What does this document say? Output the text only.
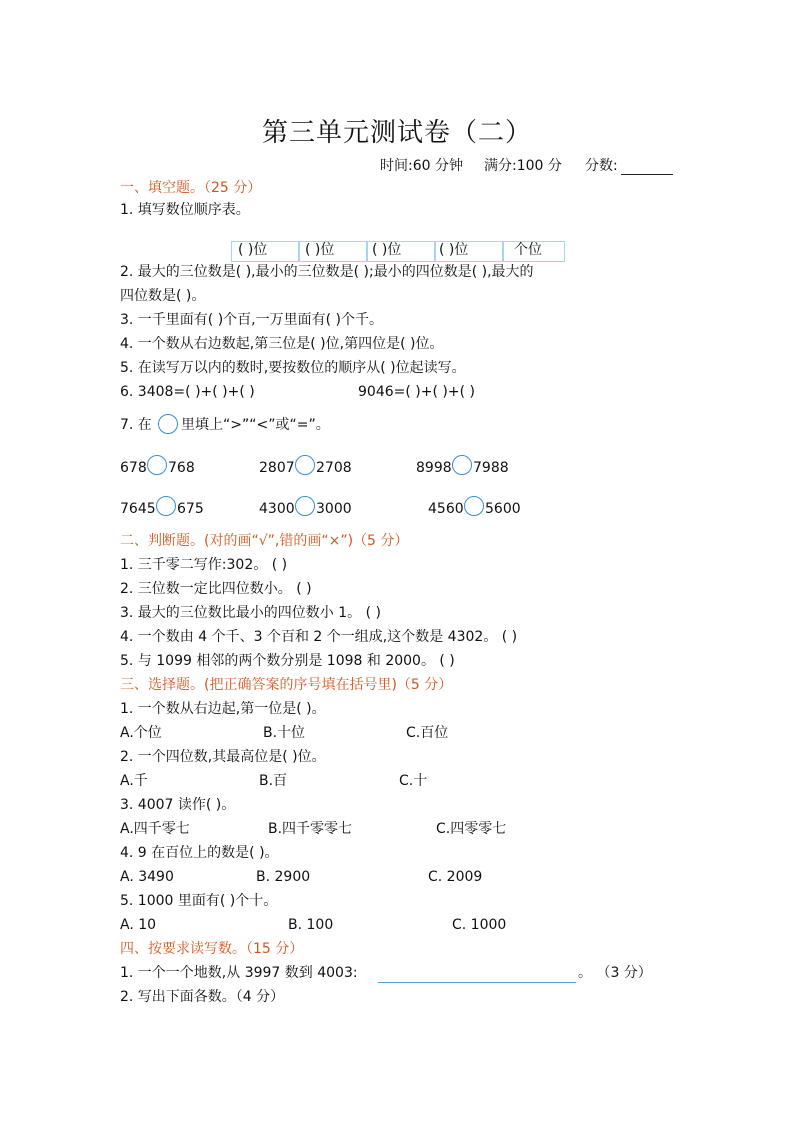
第三单元测试卷（二）
时间:60 分钟 满分:100 分 分数:
一、填空题。（25 分）
1. 填写数位顺序表。
( )位	( )位	( )位	( )位	个位
2. 最大的三位数是( ),最小的三位数是( );最小的四位数是( ),最大的
四位数是( )。
3. 一千里面有( )个百,一万里面有( )个千。
4. 一个数从右边数起,第三位是( )位,第四位是( )位。
5. 在读写万以内的数时,要按数位的顺序从( )位起读写。
6. 3408=( )+( )+( )	9046=( )+( )+( )
7. 在 里填上“>”“<”或“=”。
678 768	2807 2708	8998 7988
7645 675	4300 3000	4560 5600
二、判断题。(对的画“√”,错的画“×”)（5 分）
1. 三千零二写作:302。 ( )
2. 三位数一定比四位数小。 ( )
3. 最大的三位数比最小的四位数小 1。 ( )
4. 一个数由 4 个千、3 个百和 2 个一组成,这个数是 4302。 ( )
5. 与 1099 相邻的两个数分别是 1098 和 2000。 ( )
三、选择题。(把正确答案的序号填在括号里)（5 分）
1. 一个数从右边起,第一位是( )。
A.个位	B.十位	C.百位
2. 一个四位数,其最高位是( )位。
A.千	B.百	C.十
3. 4007 读作( )。
A.四千零七	B.四千零零七	C.四零零七
4. 9 在百位上的数是( )。
A. 3490	B. 2900	C. 2009
5. 1000 里面有( )个十。
A. 10	B. 100	C. 1000
四、按要求读写数。（15 分）
1. 一个一个地数,从 3997 数到 4003:	。 （3 分）
2. 写出下面各数。（4 分）
